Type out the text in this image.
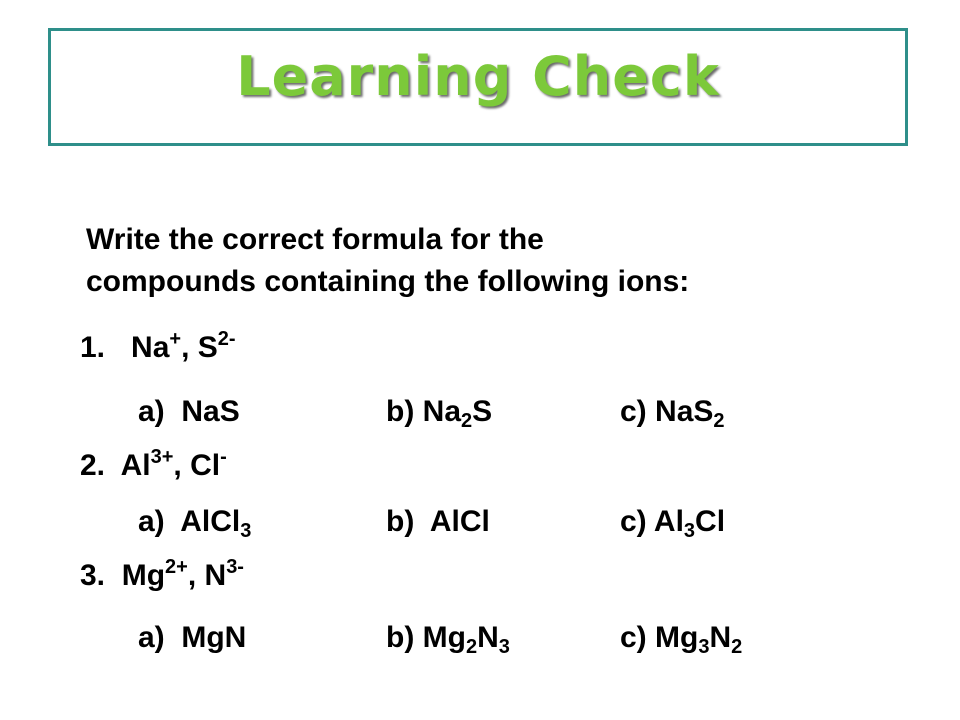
Learning Check
Write the correct formula for the
compounds containing the following ions:
1. Na+, $S^{2-}$
a) NaS	b) $Na_2S$	c) NaS$_2$
2. $Al^{3+}$, Cl-
a) AlCl$_3$	b) AlCl	c) $Al_3Cl$
3. $Mg^{2+}$, $N^{3-}$
a) MgN	b) $Mg_2N_3$	c) $Mg_3N_2$
